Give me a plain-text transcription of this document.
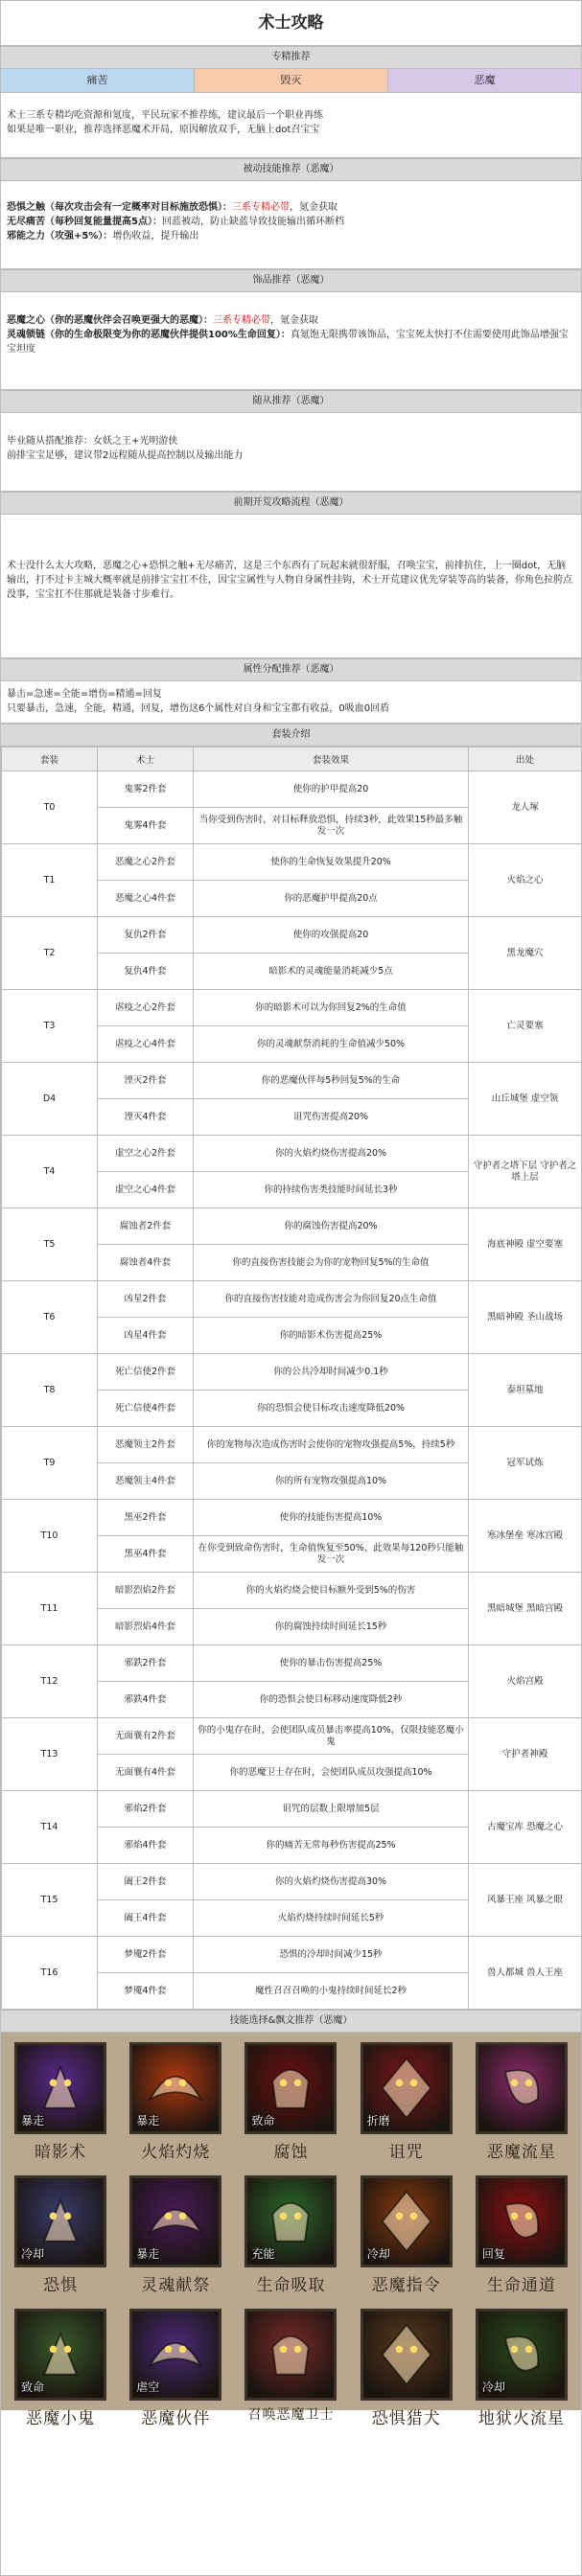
术士攻略
专精推荐
痛苦	毁灭	恶魔

术士三系专精均吃资源和氪度，平民玩家不推荐练，建议最后一个职业再练

如果是唯一职业，推荐选择恶魔术开局，原因解放双手，无脑上dot召宝宝

被动技能推荐（恶魔）

恐惧之触（每次攻击会有一定概率对目标施放恐惧）：三系专精必带，氪金获取

无尽痛苦（每秒回复能量提高5点）：回蓝被动，防止缺蓝导致技能输出循环断档

邪能之力（攻强+5%）：增伤收益，提升输出

饰品推荐（恶魔）

恶魔之心（你的恶魔伙伴会召唤更强大的恶魔）：三系专精必带，氪金获取

灵魂锁链（你的生命极限变为你的恶魔伙伴提供100%生命回复）：真氪饱无限携带该饰品，宝宝死太快打不住需要使用此饰品增强宝宝坦度

随从推荐（恶魔）

毕业随从搭配推荐：女妖之王+光明游侠

前排宝宝足够，建议带2远程随从提高控制以及输出能力

前期开荒攻略流程（恶魔）

术士没什么太大攻略，恶魔之心+恐惧之触+无尽痛苦，这是三个东西有了玩起来就很舒服，召唤宝宝，前排抗住，上一圈dot，无脑输出，打不过卡主城大概率就是前排宝宝扛不住，因宝宝属性与人物自身属性挂钩，术士开荒建议优先穿装等高的装备，你角色拉胯点没事，宝宝扛不住那就是装备寸步难行。

属性分配推荐（恶魔）

暴击=急速=全能=增伤=精通=回复

只要暴击，急速，全能，精通，回复，增伤这6个属性对自身和宝宝都有收益，0吸血0回盾

套装介绍
套装	术士	套装效果	出处
T0	鬼雾2件套	使你的护甲提高20	龙人塚
	鬼雾4件套	当你受到伤害时，对目标释放恐惧，持续3秒，此效果15秒最多触发一次	
T1	恶魔之心2件套	使你的生命恢复效果提升20%	火焰之心
	恶魔之心4件套	你的恶魔护甲提高20点	
T2	复仇2件套	使你的攻强提高20	黑龙魔穴
	复仇4件套	暗影术的灵魂能量消耗减少5点	
T3	虐疫之心2件套	你的暗影术可以为你回复2%的生命值	亡灵要塞
	虐疫之心4件套	你的灵魂献祭消耗的生命值减少50%	
D4	湮灭2件套	你的恶魔伙伴每5秒回复5%的生命	山丘城堡 虚空领
	湮灭4件套	诅咒伤害提高20%	
T4	虚空之心2件套	你的火焰灼烧伤害提高20%	守护者之塔下层 守护者之塔上层
	虚空之心4件套	你的持续伤害类技能时间延长3秒	
T5	腐蚀者2件套	你的腐蚀伤害提高20%	海底神殿 虚空要塞
	腐蚀者4件套	你的直接伤害技能会为你的宠物回复5%的生命值	
T6	凶星2件套	你的直接伤害技能对造成伤害会为你回复20点生命值	黑暗神殿 圣山战场
	凶星4件套	你的暗影术伤害提高25%	
T8	死亡信使2件套	你的公共冷却时间减少0.1秒	泰坦墓地
	死亡信使4件套	你的恐惧会使目标攻击速度降低20%	
T9	恶魔领主2件套	你的宠物每次造成伤害时会使你的宠物攻强提高5%，持续5秒	冠军试炼
	恶魔领主4件套	你的所有宠物攻强提高10%	
T10	黑巫2件套	使你的技能伤害提高10%	寒冰堡垒 寒冰宫殿
	黑巫4件套	在你受到致命伤害时，生命值恢复至50%，此效果每120秒只能触发一次	
T11	暗影烈焰2件套	你的火焰灼烧会使目标额外受到5%的伤害	黑暗城堡 黑暗宫殿
	暗影烈焰4件套	你的腐蚀持续时间延长15秒	
T12	邪鉄2件套	使你的暴击伤害提高25%	火焰宫殿
	邪鉄4件套	你的恐惧会使目标移动速度降低2秒	
T13	无面襄有2件套	你的小鬼存在时，会使团队成员暴击率提高10%，仅限技能恶魔小鬼	守护者神殿
	无面襄有4件套	你的恶魔卫士存在时，会使团队成员攻强提高10%	
T14	邪焰2件套	诅咒的层数上限增加5层	古魔宝库 恐魔之心
	邪焰4件套	你的痛苦无常每秒伤害提高25%	
T15	阖王2件套	你的火焰灼烧伤害提高30%	风暴王座 风暴之眼
	阖王4件套	火焰灼烧持续时间延长5秒	
T16	梦魇2件套	恐惧的冷却时间减少15秒	兽人都城 兽人王座
	梦魇4件套	魔性召召召唤的小鬼持续时间延长2秒	
技能选择&飘文推荐（恶魔）
暴走
暗影术
暴走
火焰灼烧
致命
腐蚀
折磨
诅咒	恶魔流星
冷却
恐惧
暴走
灵魂献祭
充能
生命吸取
冷却
恶魔指令
回复
生命通道
致命
恶魔小鬼
虐空
恶魔伙伴	召唤恶魔卫士 恐惧猎犬
冷却
地狱火流星
